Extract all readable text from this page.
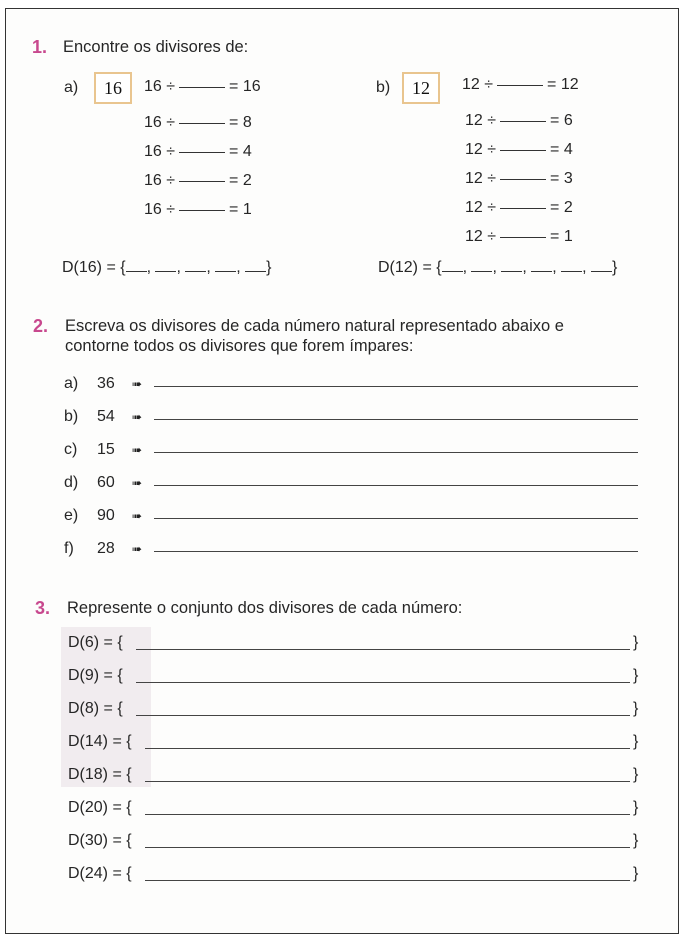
1. Encontre os divisores de:
a)	16	16 ÷	= 16
16 ÷	= 8
16 ÷	= 4
16 ÷	= 2
16 ÷	= 1
D(16) = { , , , , }
b)	12	12 ÷	= 12
12 ÷	= 6
12 ÷	= 4
12 ÷	= 3
12 ÷	= 2
12 ÷	= 1
D(12) = { , , , , , }
2. Escreva os divisores de cada número natural representado abaixo e
contorne todos os divisores que forem ímpares:
a) 36 ➠
b) 54 ➠
c) 15 ➠
d) 60 ➠
e) 90 ➠
f) 28 ➠
3. Represente o conjunto dos divisores de cada número:
D(6) = {	}
D(9) = {	}
D(8) = {	}
D(14) = {	}
D(18) = {	}
D(20) = {	}
D(30) = {	}
D(24) = {	}
